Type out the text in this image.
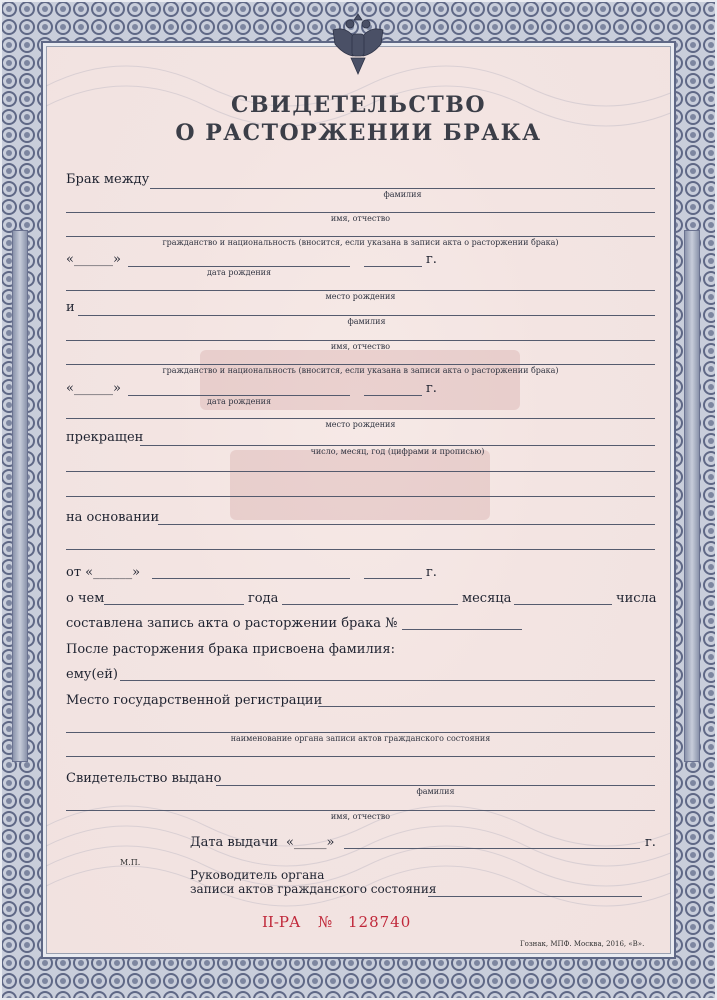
СВИДЕТЕЛЬСТВО
О РАСТОРЖЕНИИ БРАКА
Брак между
фамилия
имя, отчество
гражданство и национальность (вносится, если указана в записи акта о расторжении брака)
«______»	г.
дата рождения
место рождения
и
фамилия
имя, отчество
гражданство и национальность (вносится, если указана в записи акта о расторжении брака)
«______»	г.
дата рождения
место рождения
прекращен
число, месяц, год (цифрами и прописью)
на основании
от «______»	г.
о чем	года	месяца	числа
составлена запись акта о расторжении брака №
После расторжения брака присвоена фамилия:
ему(ей)
Место государственной регистрации
наименование органа записи актов гражданского состояния
Свидетельство выдано
фамилия
имя, отчество
Дата выдачи «_____»	г.
М.П.
Руководитель органа
записи актов гражданского состояния
II-РА № 128740
Гознак, МПФ. Москва, 2016, «В».
